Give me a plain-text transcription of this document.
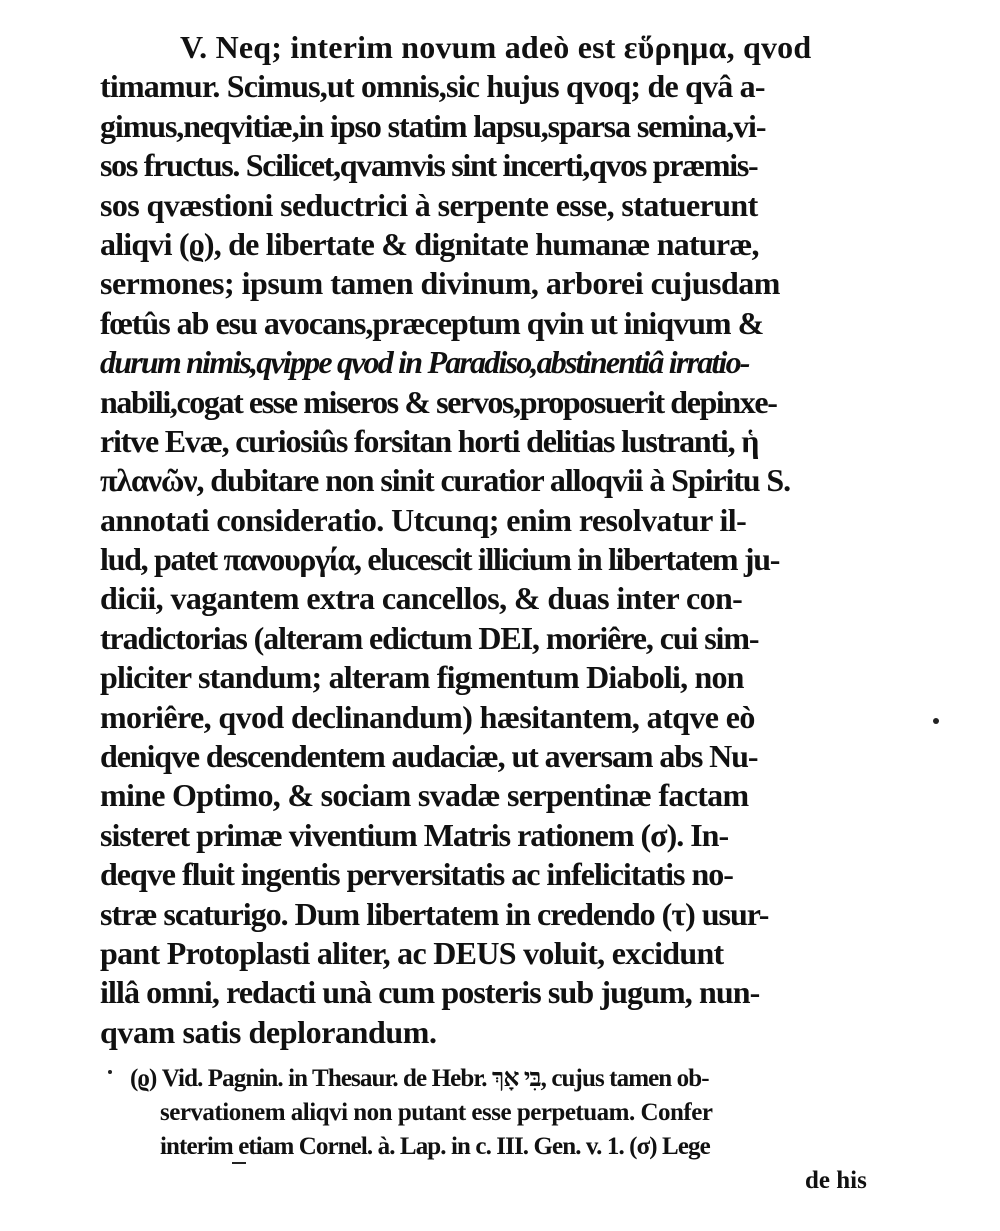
V. Neq; interim novum adeò est εὕρημα, qvod
timamur. Scimus,ut omnis,sic hujus qvoq; de qvâ a-
gimus,neqvitiæ,in ipso statim lapsu,sparsa semina,vi-
sos fructus. Scilicet,qvamvis sint incerti,qvos præmis-
sos qvæstioni seductrici à serpente esse, statuerunt
aliqvi (ϱ), de libertate & dignitate humanæ naturæ,
sermones; ipsum tamen divinum, arborei cujusdam
fœtûs ab esu avocans,præceptum qvin ut iniqvum &
durum nimis,qvippe qvod in Paradiso,abstinentiâ irratio-
nabili,cogat esse miseros & servos,proposuerit depinxe-
ritve Evæ, curiosiûs forsitan horti delitias lustranti, ἡ
πλανῶν, dubitare non sinit curatior alloqvii à Spiritu S.
annotati consideratio. Utcunq; enim resolvatur il-
lud, patet πανουργία, elucescit illicium in libertatem ju-
dicii, vagantem extra cancellos, & duas inter con-
tradictorias (alteram edictum DEI, moriêre, cui sim-
pliciter standum; alteram figmentum Diaboli, non
moriêre, qvod declinandum) hæsitantem, atqve eò
deniqve descendentem audaciæ, ut aversam abs Nu-
mine Optimo, & sociam svadæ serpentinæ factam
sisteret primæ viventium Matris rationem (σ). In-
deqve fluit ingentis perversitatis ac infelicitatis no-
stræ scaturigo. Dum libertatem in credendo (τ) usur-
pant Protoplasti aliter, ac DEUS voluit, excidunt
illâ omni, redacti unà cum posteris sub jugum, nun-
qvam satis deplorandum.
(ϱ) Vid. Pagnin. in Thesaur. de Hebr. בִּי אָךְ, cujus tamen ob-
servationem aliqvi non putant esse perpetuam. Confer
interim etiam Cornel. à. Lap. in c. III. Gen. v. 1. (σ) Lege
de his
